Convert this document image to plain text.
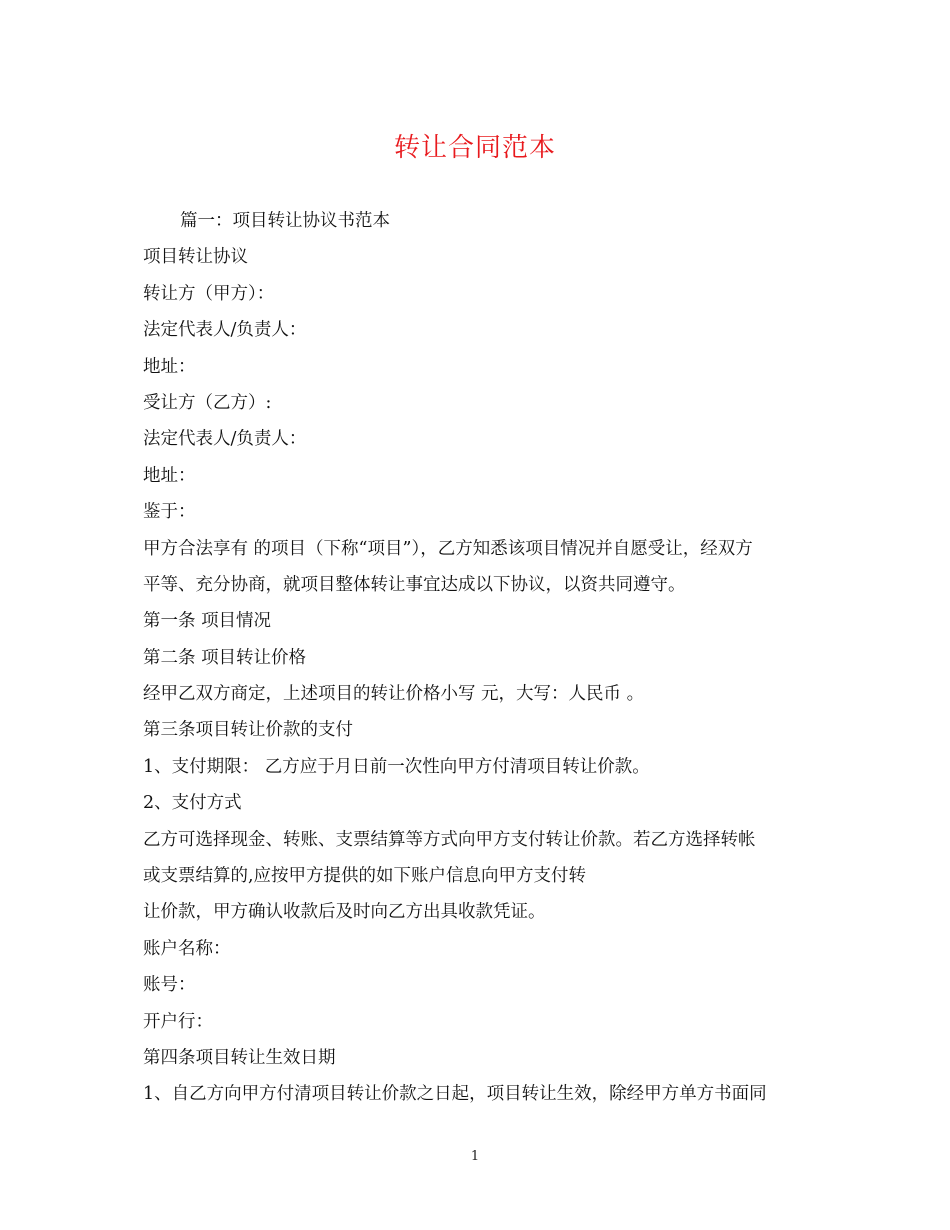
转让合同范本
篇一：项目转让协议书范本
项目转让协议
转让方（甲方）：
法定代表人/负责人：
地址：
受让方（乙方）:
法定代表人/负责人：
地址：
鉴于：
甲方合法享有 的项目（下称“项目”），乙方知悉该项目情况并自愿受让，经双方
平等、充分协商，就项目整体转让事宜达成以下协议，以资共同遵守。
第一条 项目情况
第二条 项目转让价格
经甲乙双方商定，上述项目的转让价格小写 元，大写：人民币 。
第三条项目转让价款的支付
1、支付期限： 乙方应于月日前一次性向甲方付清项目转让价款。
2、支付方式
乙方可选择现金、转账、支票结算等方式向甲方支付转让价款。若乙方选择转帐
或支票结算的,应按甲方提供的如下账户信息向甲方支付转
让价款，甲方确认收款后及时向乙方出具收款凭证。
账户名称：
账号：
开户行：
第四条项目转让生效日期
1、自乙方向甲方付清项目转让价款之日起，项目转让生效，除经甲方单方书面同
1
